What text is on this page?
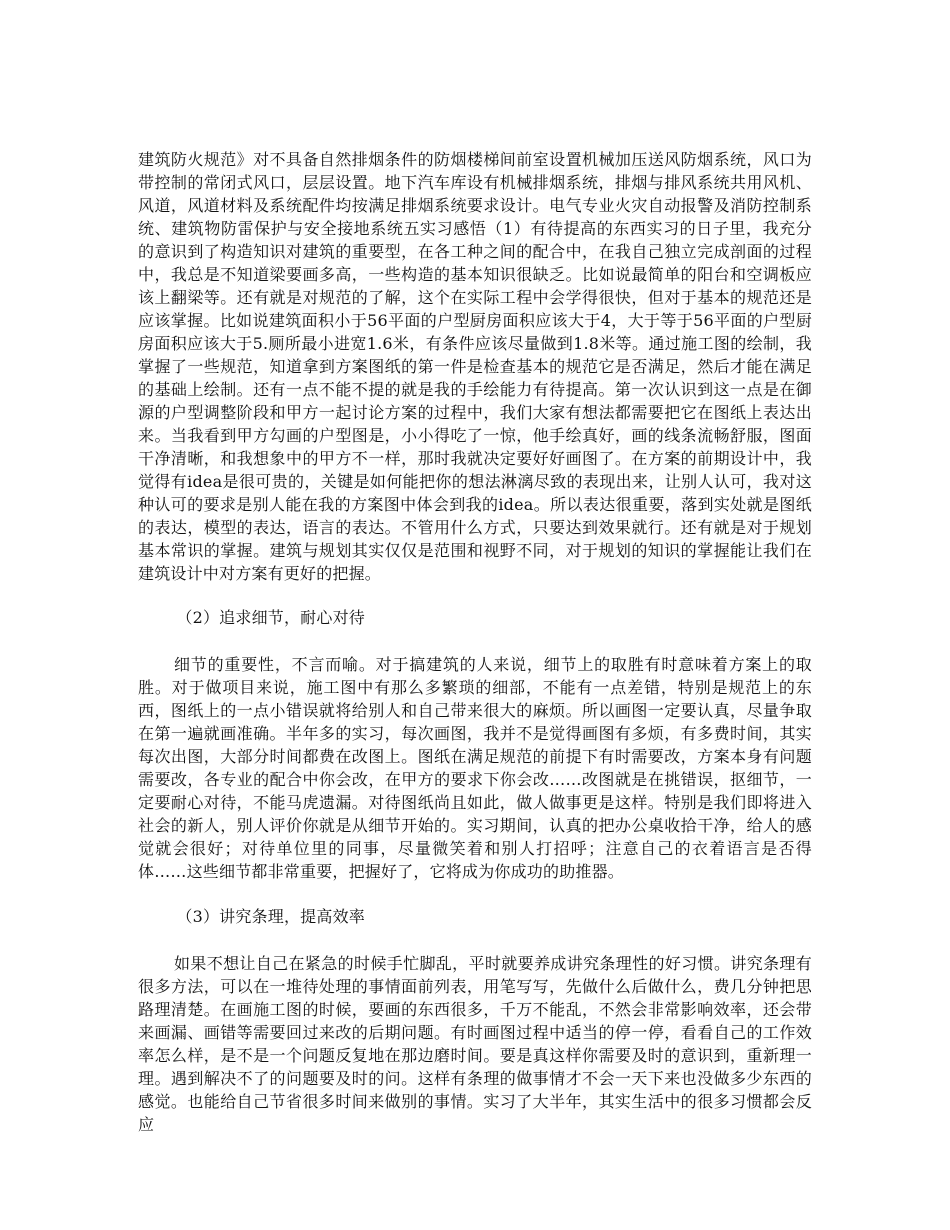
建筑防火规范》对不具备自然排烟条件的防烟楼梯间前室设置机械加压送风防烟系统，风口为带控制的常闭式风口，层层设置。地下汽车库设有机械排烟系统，排烟与排风系统共用风机、风道，风道材料及系统配件均按满足排烟系统要求设计。电气专业火灾自动报警及消防控制系统、建筑物防雷保护与安全接地系统五实习感悟（1）有待提高的东西实习的日子里，我充分的意识到了构造知识对建筑的重要型，在各工种之间的配合中，在我自己独立完成剖面的过程中，我总是不知道梁要画多高，一些构造的基本知识很缺乏。比如说最简单的阳台和空调板应该上翻梁等。还有就是对规范的了解，这个在实际工程中会学得很快，但对于基本的规范还是应该掌握。比如说建筑面积小于56平面的户型厨房面积应该大于4，大于等于56平面的户型厨房面积应该大于5.厕所最小进宽1.6米，有条件应该尽量做到1.8米等。通过施工图的绘制，我掌握了一些规范，知道拿到方案图纸的第一件是检查基本的规范它是否满足，然后才能在满足的基础上绘制。还有一点不能不提的就是我的手绘能力有待提高。第一次认识到这一点是在御源的户型调整阶段和甲方一起讨论方案的过程中，我们大家有想法都需要把它在图纸上表达出来。当我看到甲方勾画的户型图是，小小得吃了一惊，他手绘真好，画的线条流畅舒服，图面干净清晰，和我想象中的甲方不一样，那时我就决定要好好画图了。在方案的前期设计中，我觉得有idea是很可贵的，关键是如何能把你的想法淋漓尽致的表现出来，让别人认可，我对这种认可的要求是别人能在我的方案图中体会到我的idea。所以表达很重要，落到实处就是图纸的表达，模型的表达，语言的表达。不管用什么方式，只要达到效果就行。还有就是对于规划基本常识的掌握。建筑与规划其实仅仅是范围和视野不同，对于规划的知识的掌握能让我们在建筑设计中对方案有更好的把握。

（2）追求细节，耐心对待

细节的重要性，不言而喻。对于搞建筑的人来说，细节上的取胜有时意味着方案上的取胜。对于做项目来说，施工图中有那么多繁琐的细部，不能有一点差错，特别是规范上的东西，图纸上的一点小错误就将给别人和自己带来很大的麻烦。所以画图一定要认真，尽量争取在第一遍就画准确。半年多的实习，每次画图，我并不是觉得画图有多烦，有多费时间，其实每次出图，大部分时间都费在改图上。图纸在满足规范的前提下有时需要改，方案本身有问题需要改，各专业的配合中你会改，在甲方的要求下你会改……改图就是在挑错误，抠细节，一定要耐心对待，不能马虎遗漏。对待图纸尚且如此，做人做事更是这样。特别是我们即将进入社会的新人，别人评价你就是从细节开始的。实习期间，认真的把办公桌收拾干净，给人的感觉就会很好；对待单位里的同事，尽量微笑着和别人打招呼；注意自己的衣着语言是否得体……这些细节都非常重要，把握好了，它将成为你成功的助推器。

（3）讲究条理，提高效率

如果不想让自己在紧急的时候手忙脚乱，平时就要养成讲究条理性的好习惯。讲究条理有很多方法，可以在一堆待处理的事情面前列表，用笔写写，先做什么后做什么，费几分钟把思路理清楚。在画施工图的时候，要画的东西很多，千万不能乱，不然会非常影响效率，还会带来画漏、画错等需要回过来改的后期问题。有时画图过程中适当的停一停，看看自己的工作效率怎么样，是不是一个问题反复地在那边磨时间。要是真这样你需要及时的意识到，重新理一理。遇到解决不了的问题要及时的问。这样有条理的做事情才不会一天下来也没做多少东西的感觉。也能给自己节省很多时间来做别的事情。实习了大半年，其实生活中的很多习惯都会反应
